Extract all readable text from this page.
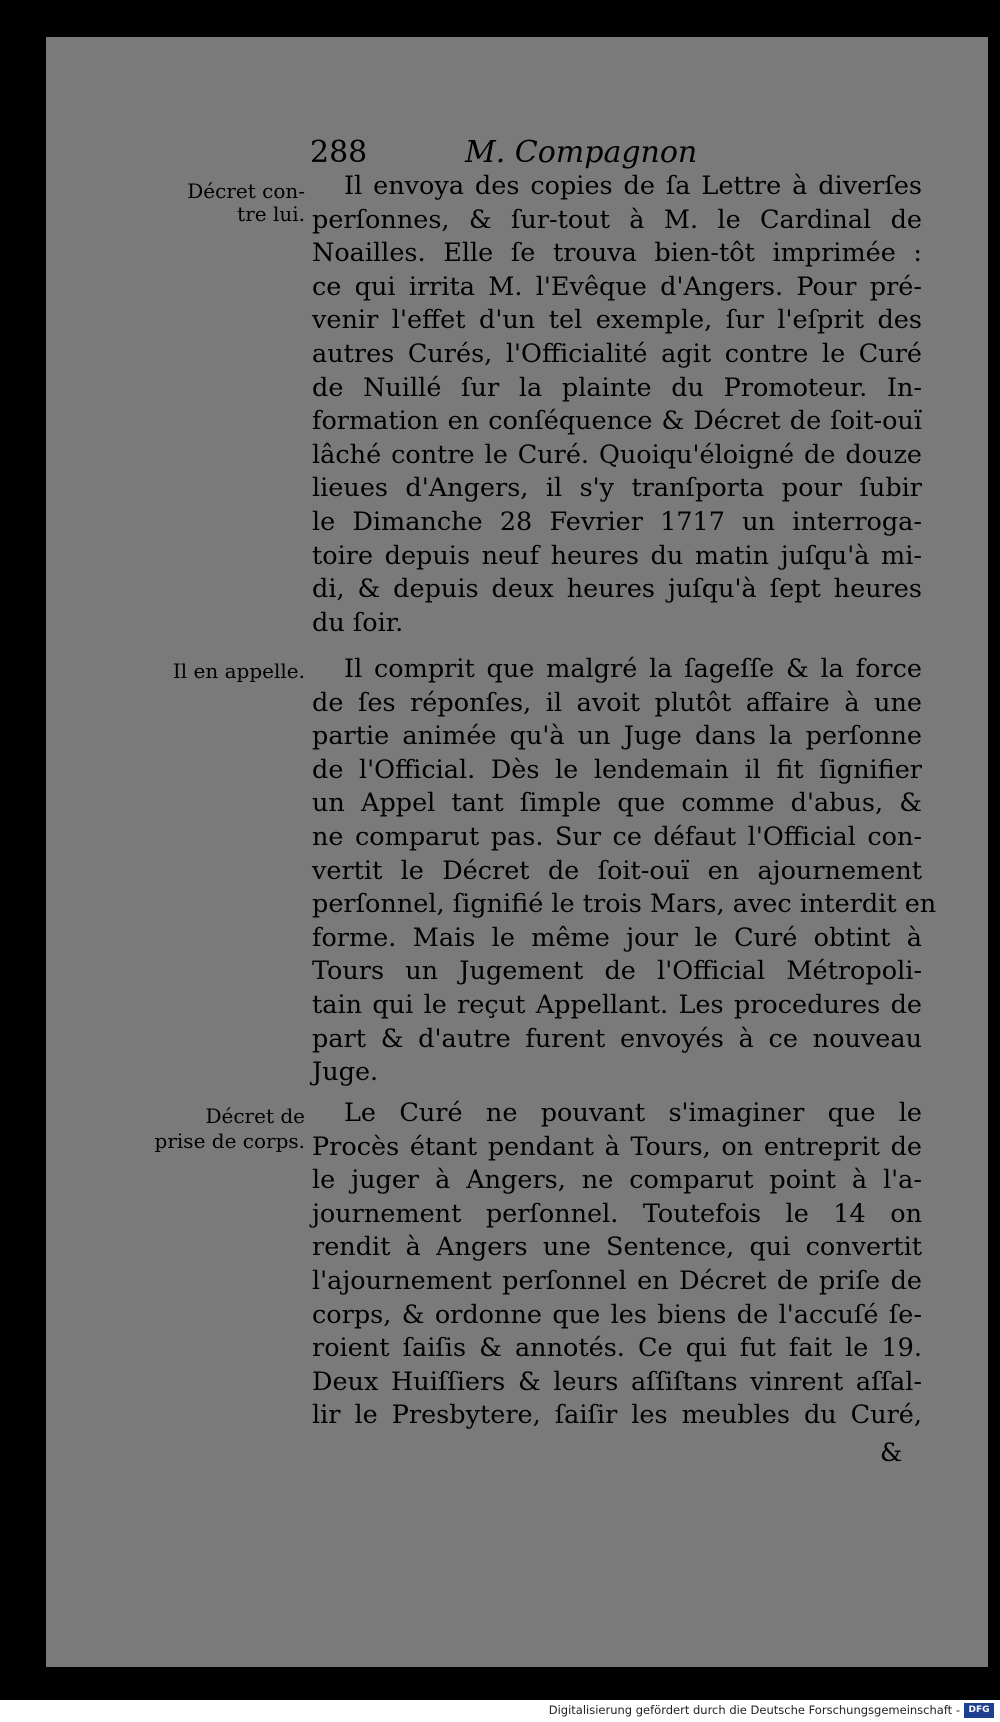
288	M. Compagnon
Décret con-
tre lui.
Il envoya des copies de ſa Lettre à diverſes
perſonnes, & ſur-tout à M. le Cardinal de
Noailles. Elle ſe trouva bien-tôt imprimée :
ce qui irrita M. l'Evêque d'Angers. Pour pré-
venir l'effet d'un tel exemple, ſur l'eſprit des
autres Curés, l'Officialité agit contre le Curé
de Nuillé ſur la plainte du Promoteur. In-
formation en conſéquence & Décret de ſoit-ouï
lâché contre le Curé. Quoiqu'éloigné de douze
lieues d'Angers, il s'y tranſporta pour ſubir
le Dimanche 28 Fevrier 1717 un interroga-
toire depuis neuf heures du matin juſqu'à mi-
di, & depuis deux heures juſqu'à ſept heures
du ſoir.
Il en appelle.	Il comprit que malgré la ſageſſe & la force
de ſes réponſes, il avoit plutôt affaire à une
partie animée qu'à un Juge dans la perſonne
de l'Official. Dès le lendemain il fit ſignifier
un Appel tant ſimple que comme d'abus, &
ne comparut pas. Sur ce défaut l'Official con-
vertit le Décret de ſoit-ouï en ajournement
perſonnel, ſignifié le trois Mars, avec interdit en
forme. Mais le même jour le Curé obtint à
Tours un Jugement de l'Official Métropoli-
tain qui le reçut Appellant. Les procedures de
part & d'autre furent envoyés à ce nouveau
Juge.
Décret de
prise de corps.
Le Curé ne pouvant s'imaginer que le
Procès étant pendant à Tours, on entreprit de
le juger à Angers, ne comparut point à l'a-
journement perſonnel. Toutefois le 14 on
rendit à Angers une Sentence, qui convertit
l'ajournement perſonnel en Décret de priſe de
corps, & ordonne que les biens de l'accuſé ſe-
roient ſaiſis & annotés. Ce qui fut fait le 19.
Deux Huiſſiers & leurs aſſiſtans vinrent aſſal-
lir le Presbytere, ſaiſir les meubles du Curé,
&
Digitalisierung gefördert durch die Deutsche Forschungsgemeinschaft - DFG
